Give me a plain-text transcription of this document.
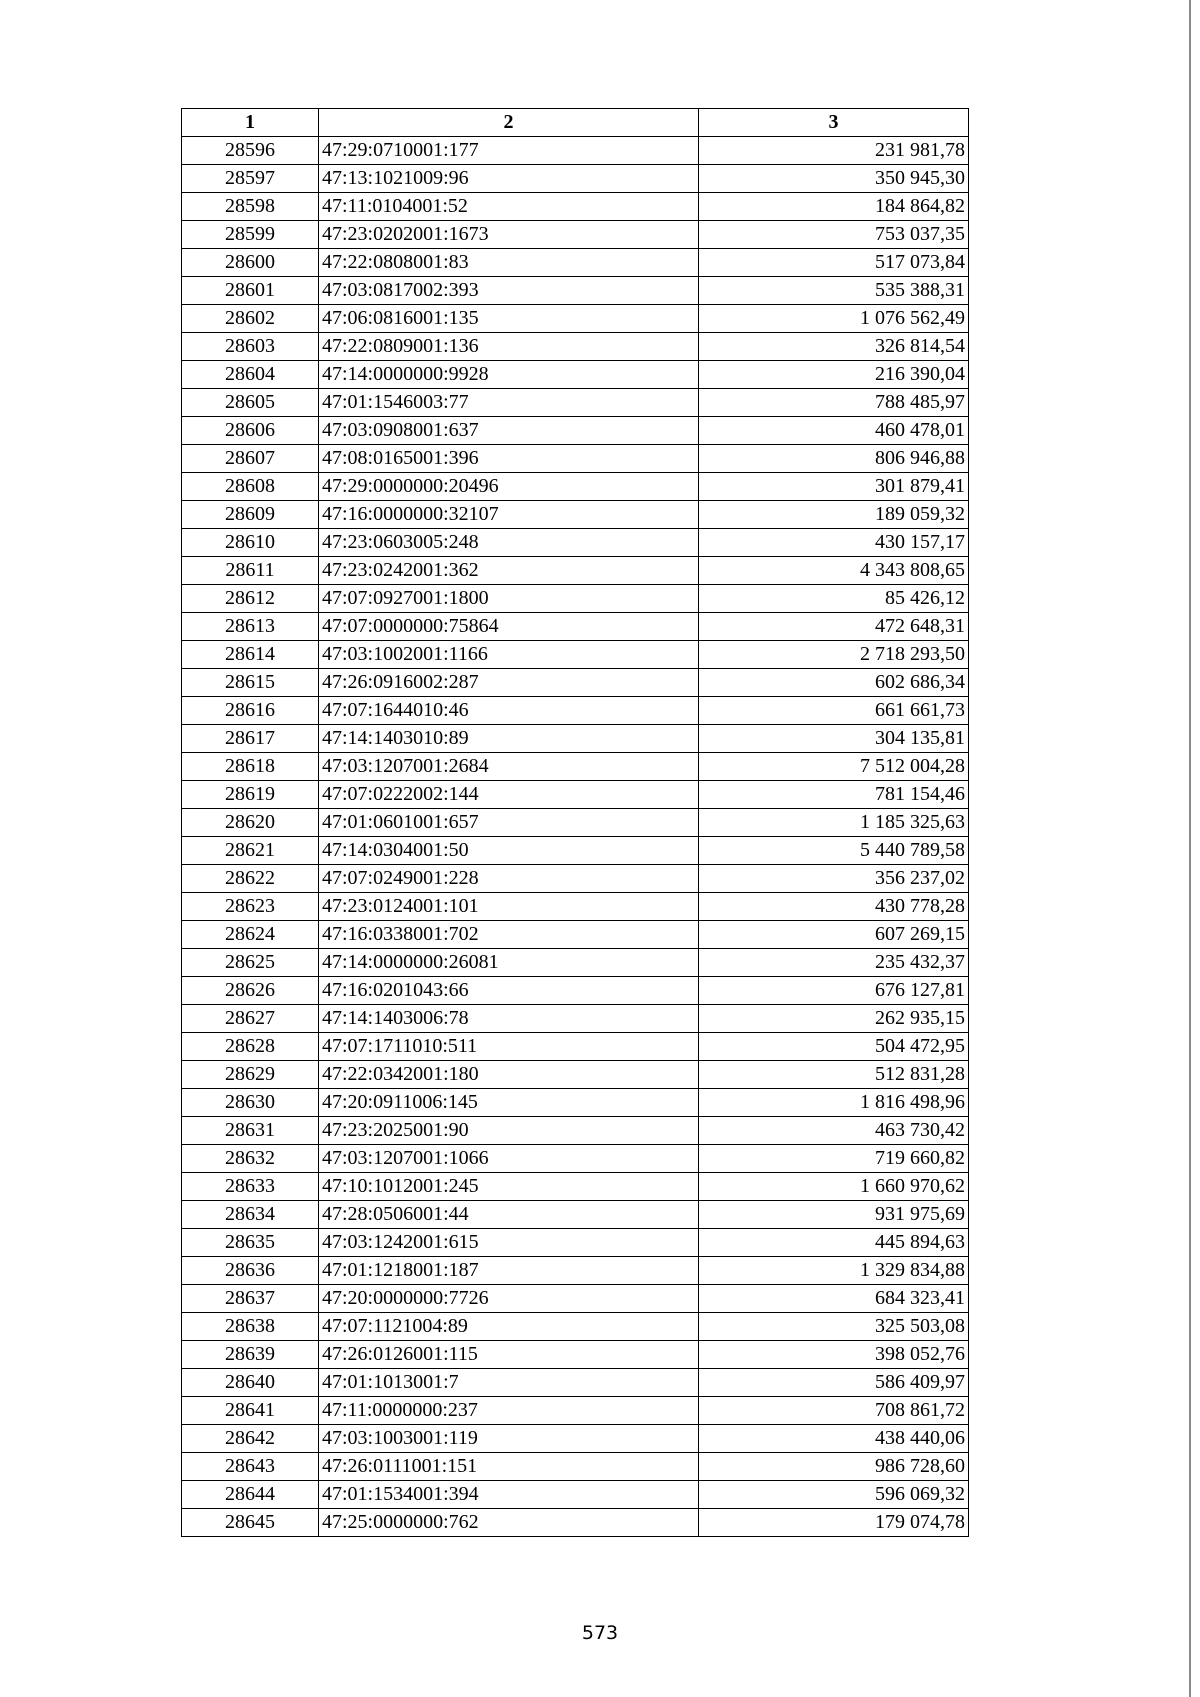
1	2	3
28596	47:29:0710001:177	231 981,78
28597	47:13:1021009:96	350 945,30
28598	47:11:0104001:52	184 864,82
28599	47:23:0202001:1673	753 037,35
28600	47:22:0808001:83	517 073,84
28601	47:03:0817002:393	535 388,31
28602	47:06:0816001:135	1 076 562,49
28603	47:22:0809001:136	326 814,54
28604	47:14:0000000:9928	216 390,04
28605	47:01:1546003:77	788 485,97
28606	47:03:0908001:637	460 478,01
28607	47:08:0165001:396	806 946,88
28608	47:29:0000000:20496	301 879,41
28609	47:16:0000000:32107	189 059,32
28610	47:23:0603005:248	430 157,17
28611	47:23:0242001:362	4 343 808,65
28612	47:07:0927001:1800	85 426,12
28613	47:07:0000000:75864	472 648,31
28614	47:03:1002001:1166	2 718 293,50
28615	47:26:0916002:287	602 686,34
28616	47:07:1644010:46	661 661,73
28617	47:14:1403010:89	304 135,81
28618	47:03:1207001:2684	7 512 004,28
28619	47:07:0222002:144	781 154,46
28620	47:01:0601001:657	1 185 325,63
28621	47:14:0304001:50	5 440 789,58
28622	47:07:0249001:228	356 237,02
28623	47:23:0124001:101	430 778,28
28624	47:16:0338001:702	607 269,15
28625	47:14:0000000:26081	235 432,37
28626	47:16:0201043:66	676 127,81
28627	47:14:1403006:78	262 935,15
28628	47:07:1711010:511	504 472,95
28629	47:22:0342001:180	512 831,28
28630	47:20:0911006:145	1 816 498,96
28631	47:23:2025001:90	463 730,42
28632	47:03:1207001:1066	719 660,82
28633	47:10:1012001:245	1 660 970,62
28634	47:28:0506001:44	931 975,69
28635	47:03:1242001:615	445 894,63
28636	47:01:1218001:187	1 329 834,88
28637	47:20:0000000:7726	684 323,41
28638	47:07:1121004:89	325 503,08
28639	47:26:0126001:115	398 052,76
28640	47:01:1013001:7	586 409,97
28641	47:11:0000000:237	708 861,72
28642	47:03:1003001:119	438 440,06
28643	47:26:0111001:151	986 728,60
28644	47:01:1534001:394	596 069,32
28645	47:25:0000000:762	179 074,78
573
